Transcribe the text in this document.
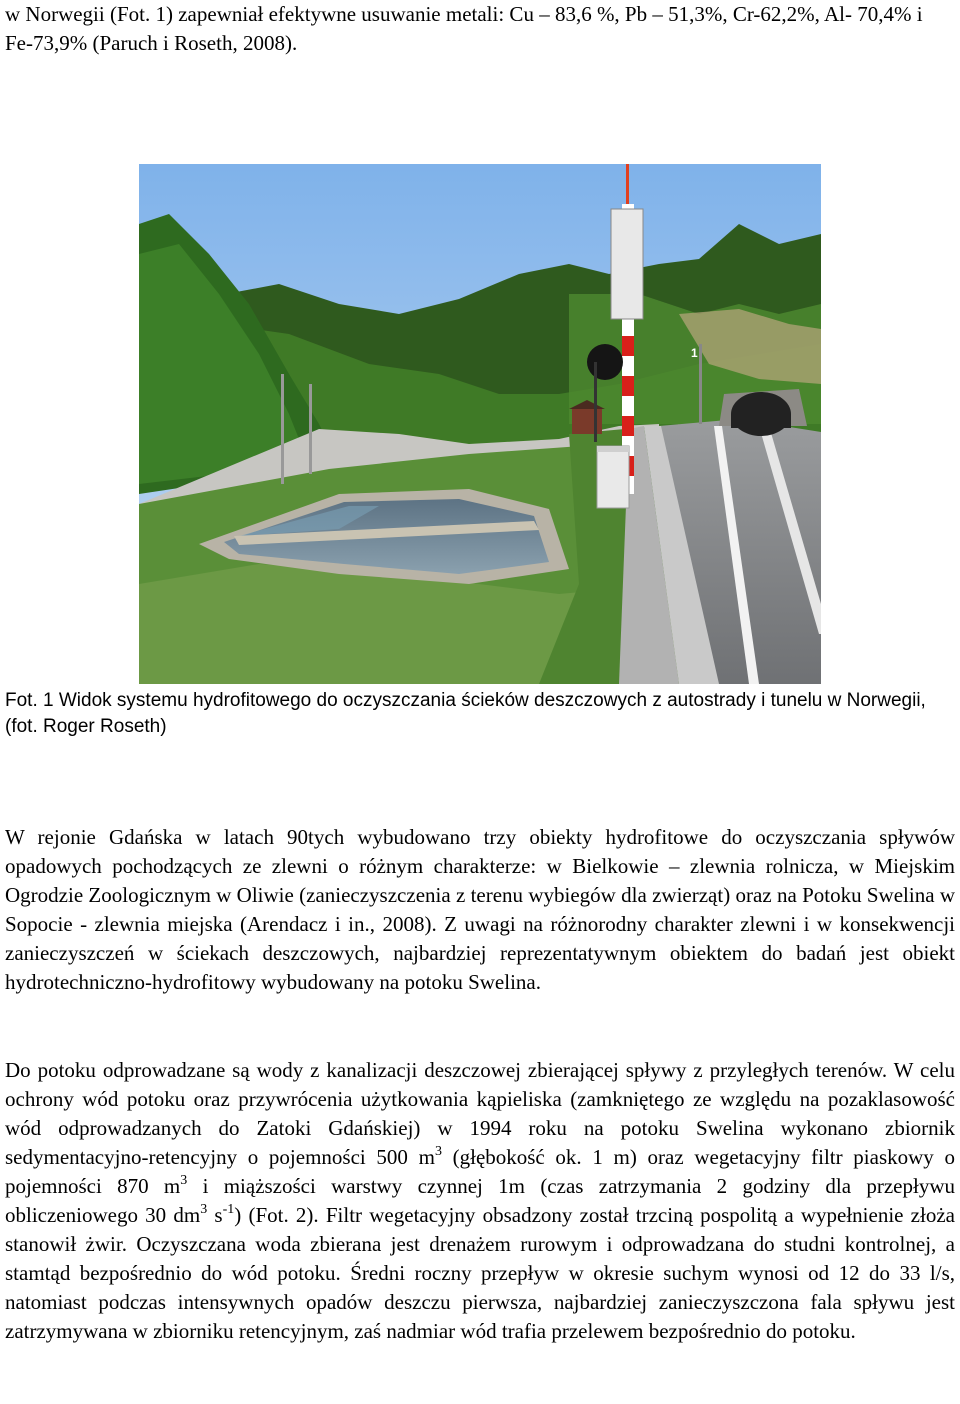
w Norwegii (Fot. 1) zapewniał efektywne usuwanie metali: Cu – 83,6 %, Pb – 51,3%, Cr-62,2%, Al- 70,4% i Fe-73,9% (Paruch i Roseth, 2008).

1

Fot. 1 Widok systemu hydrofitowego do oczyszczania ścieków deszczowych z autostrady i tunelu w Norwegii, (fot. Roger Roseth)

W rejonie Gdańska w latach 90tych wybudowano trzy obiekty hydrofitowe do oczyszczania spływów opadowych pochodzących ze zlewni o różnym charakterze: w Bielkowie – zlewnia rolnicza, w Miejskim Ogrodzie Zoologicznym w Oliwie (zanieczyszczenia z terenu wybiegów dla zwierząt) oraz na Potoku Swelina w Sopocie - zlewnia miejska (Arendacz i in., 2008). Z uwagi na różnorodny charakter zlewni i w konsekwencji zanieczyszczeń w ściekach deszczowych, najbardziej reprezentatywnym obiektem do badań jest obiekt hydrotechniczno-hydrofitowy wybudowany na potoku Swelina.

Do potoku odprowadzane są wody z kanalizacji deszczowej zbierającej spływy z przyległych terenów. W celu ochrony wód potoku oraz przywrócenia użytkowania kąpieliska (zamkniętego ze względu na pozaklasowość wód odprowadzanych do Zatoki Gdańskiej) w 1994 roku na potoku Swelina wykonano zbiornik sedymentacyjno-retencyjny o pojemności 500 $m^3$ (głębokość ok. 1 m) oraz wegetacyjny filtr piaskowy o pojemności 870 $m^3$ i miąższości warstwy czynnej 1m (czas zatrzymania 2 godziny dla przepływu obliczeniowego 30 $dm^3$ $s^{-1}$) (Fot. 2). Filtr wegetacyjny obsadzony został trzciną pospolitą a wypełnienie złoża stanowił żwir. Oczyszczana woda zbierana jest drenażem rurowym i odprowadzana do studni kontrolnej, a stamtąd bezpośrednio do wód potoku. Średni roczny przepływ w okresie suchym wynosi od 12 do 33 l/s, natomiast podczas intensywnych opadów deszczu pierwsza, najbardziej zanieczyszczona fala spływu jest zatrzymywana w zbiorniku retencyjnym, zaś nadmiar wód trafia przelewem bezpośrednio do potoku.
